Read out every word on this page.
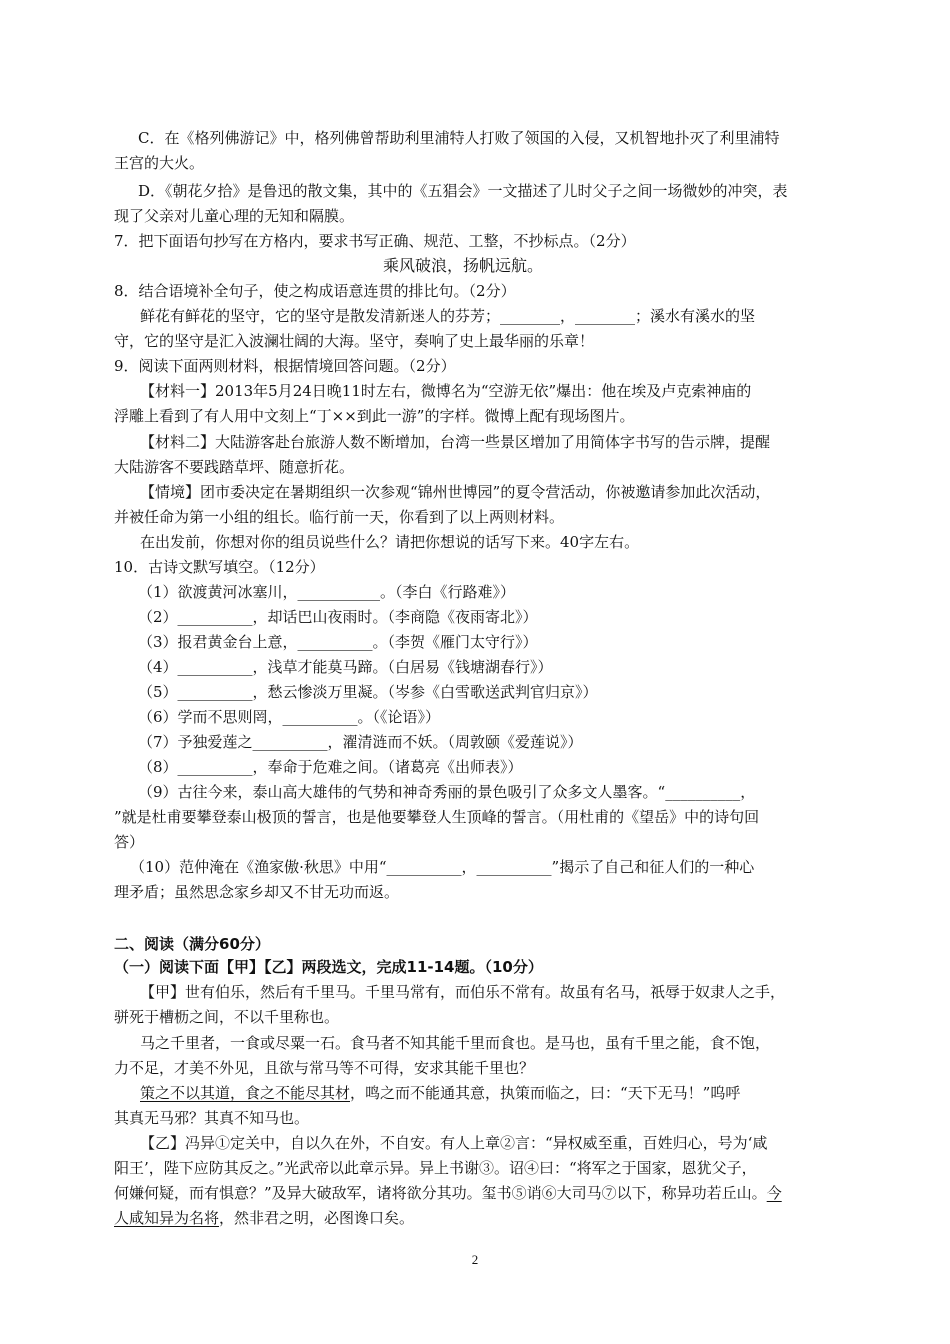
C．在《格列佛游记》中，格列佛曾帮助利里浦特人打败了领国的入侵，又机智地扑灭了利里浦特
王宫的大火。
D．《朝花夕拾》是鲁迅的散文集，其中的《五猖会》一文描述了儿时父子之间一场微妙的冲突，表
现了父亲对儿童心理的无知和隔膜。
7．把下面语句抄写在方格内，要求书写正确、规范、工整，不抄标点。（2分）
乘风破浪，扬帆远航。
8．结合语境补全句子，使之构成语意连贯的排比句。（2分）
鲜花有鲜花的坚守，它的坚守是散发清新迷人的芬芳；________，________；溪水有溪水的坚
守，它的坚守是汇入波澜壮阔的大海。坚守，奏响了史上最华丽的乐章！
9．阅读下面两则材料，根据情境回答问题。（2分）
【材料一】2013年5月24日晚11时左右，微博名为“空游无依”爆出：他在埃及卢克索神庙的
浮雕上看到了有人用中文刻上“丁××到此一游”的字样。微博上配有现场图片。
【材料二】大陆游客赴台旅游人数不断增加，台湾一些景区增加了用简体字书写的告示牌，提醒
大陆游客不要践踏草坪、随意折花。
【情境】团市委决定在暑期组织一次参观“锦州世博园”的夏令营活动，你被邀请参加此次活动，
并被任命为第一小组的组长。临行前一天，你看到了以上两则材料。
在出发前，你想对你的组员说些什么？请把你想说的话写下来。40字左右。
10．古诗文默写填空。（12分）
（1）欲渡黄河冰塞川，___________。（李白《行路难》）
（2）__________，却话巴山夜雨时。（李商隐《夜雨寄北》）
（3）报君黄金台上意，__________。（李贺《雁门太守行》）
（4）__________，浅草才能莫马蹄。（白居易《钱塘湖春行》）
（5）__________，愁云惨淡万里凝。（岑参《白雪歌送武判官归京》）
（6）学而不思则罔，__________。（《论语》）
（7）予独爱莲之__________，濯清涟而不妖。（周敦颐《爱莲说》）
（8）__________，奉命于危难之间。（诸葛亮《出师表》）
（9）古往今来，泰山高大雄伟的气势和神奇秀丽的景色吸引了众多文人墨客。“__________，
”就是杜甫要攀登泰山极顶的誓言，也是他要攀登人生顶峰的誓言。（用杜甫的《望岳》中的诗句回
答）
（10）范仲淹在《渔家傲·秋思》中用“__________，__________”揭示了自己和征人们的一种心
理矛盾；虽然思念家乡却又不甘无功而返。
二、阅读（满分60分）
（一）阅读下面【甲】【乙】两段选文，完成11-14题。（10分）
【甲】世有伯乐，然后有千里马。千里马常有，而伯乐不常有。故虽有名马，祇辱于奴隶人之手，
骈死于槽枥之间，不以千里称也。
马之千里者，一食或尽粟一石。食马者不知其能千里而食也。是马也，虽有千里之能，食不饱，
力不足，才美不外见，且欲与常马等不可得，安求其能千里也？
策之不以其道，食之不能尽其材，鸣之而不能通其意，执策而临之，曰：“天下无马！”呜呼
其真无马邪？其真不知马也。
【乙】冯异①定关中，自以久在外，不自安。有人上章②言：“异权威至重，百姓归心，号为‘咸
阳王’，陛下应防其反之。”光武帝以此章示异。异上书谢③。诏④曰：“将军之于国家，恩犹父子，
何嫌何疑，而有惧意？”及异大破敌军，诸将欲分其功。玺书⑤诮⑥大司马⑦以下，称异功若丘山。今
人咸知异为名将，然非君之明，必图谗口矣。
2
